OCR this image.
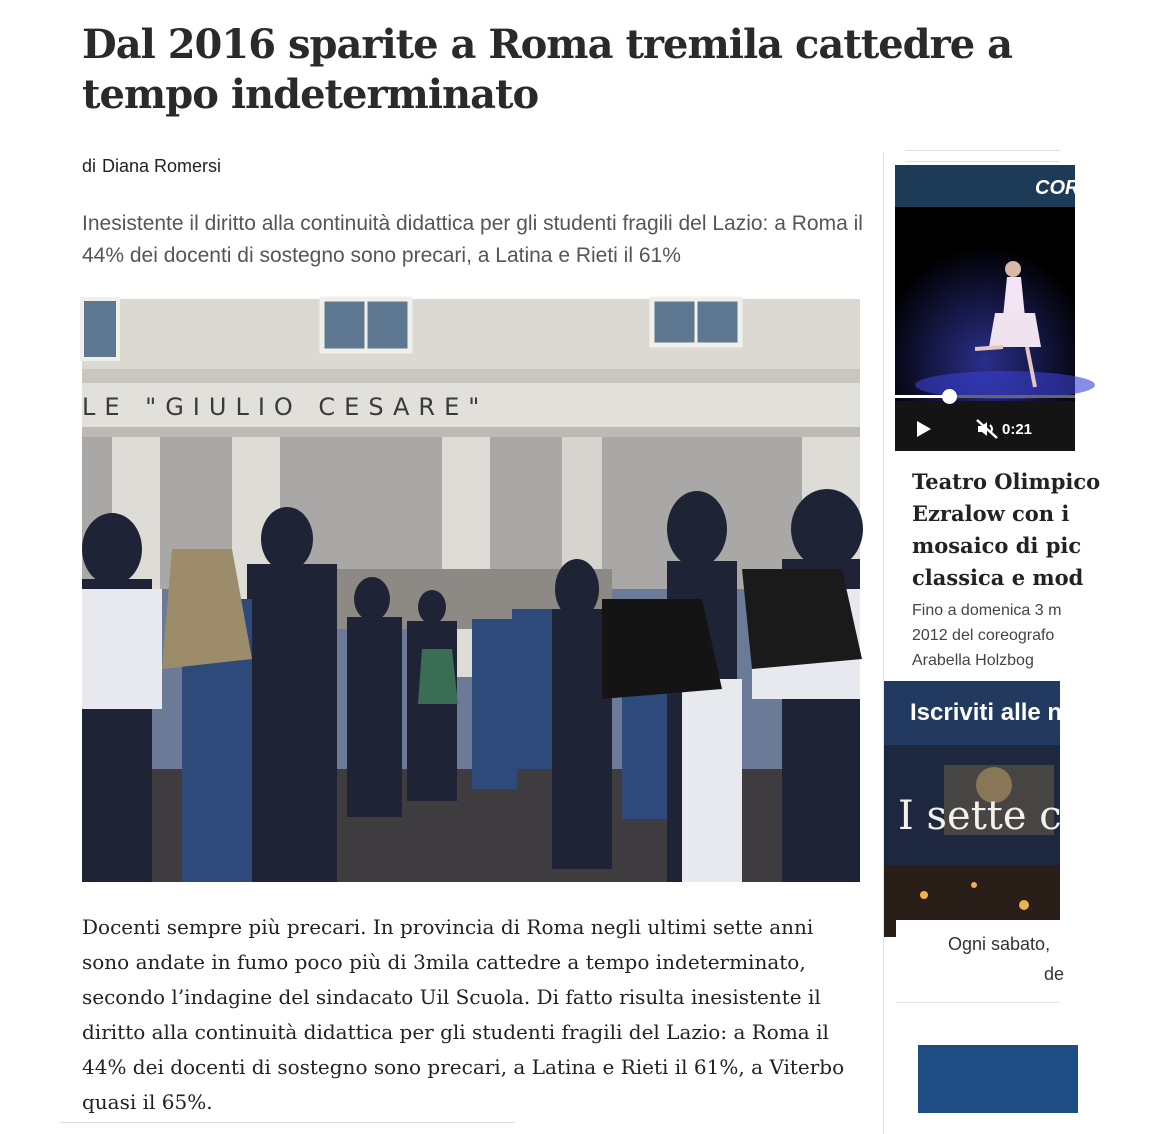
Dal 2016 sparite a Roma tremila cattedre a tempo indeterminato
di Diana Romersi

Inesistente il diritto alla continuità didattica per gli studenti fragili del Lazio: a Roma il 44% dei docenti di sostegno sono precari, a Latina e Rieti il 61%

LE "GIULIO CESARE"

Docenti sempre più precari. In provincia di Roma negli ultimi sette anni sono andate in fumo poco più di 3mila cattedre a tempo indeterminato, secondo l’indagine del sindacato Uil Scuola. Di fatto risulta inesistente il diritto alla continuità didattica per gli studenti fragili del Lazio: a Roma il 44% dei docenti di sostegno sono precari, a Latina e Rieti il 61%, a Viterbo quasi il 65%.

COR
0:21
Teatro Olimpico
Ezralow con i
mosaico di pic
classica e mod
Fino a domenica 3 m
2012 del coreografo
Arabella Holzbog
Iscriviti alle n
I sette c
Ogni sabato,
de
